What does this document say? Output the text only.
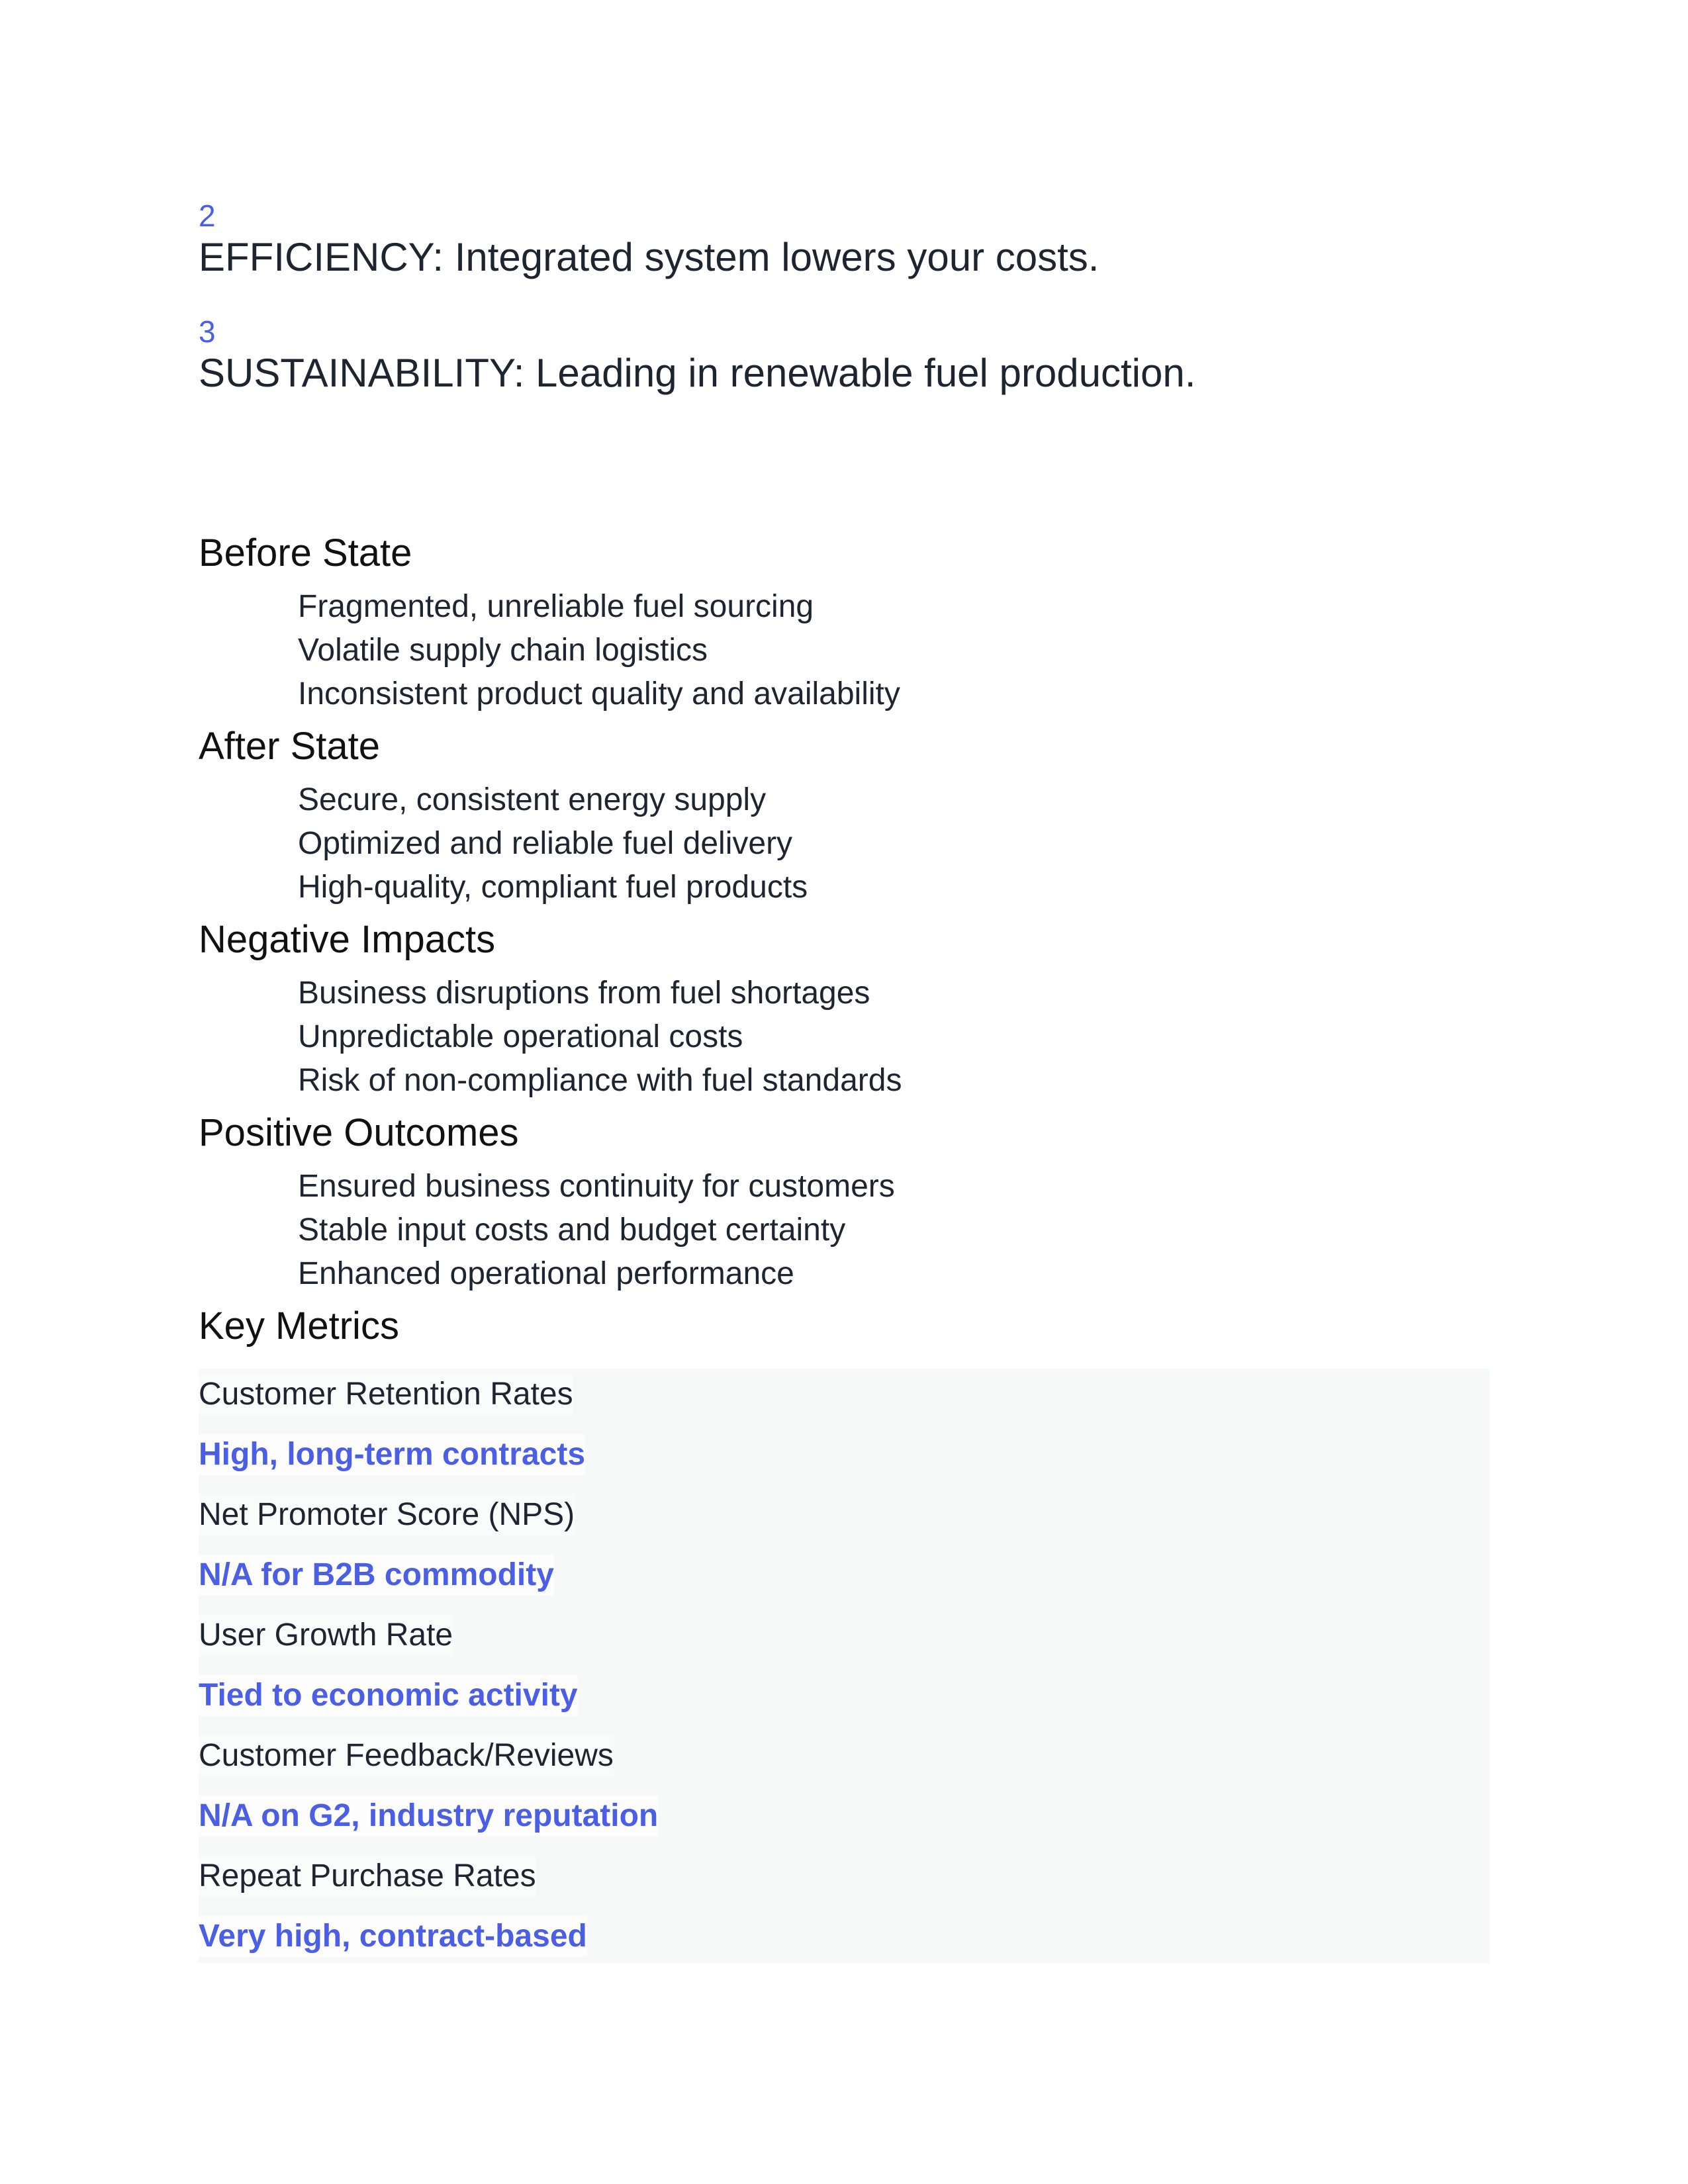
2
EFFICIENCY: Integrated system lowers your costs.
3
SUSTAINABILITY: Leading in renewable fuel production.
Before State
Fragmented, unreliable fuel sourcing
Volatile supply chain logistics
Inconsistent product quality and availability
After State
Secure, consistent energy supply
Optimized and reliable fuel delivery
High-quality, compliant fuel products
Negative Impacts
Business disruptions from fuel shortages
Unpredictable operational costs
Risk of non-compliance with fuel standards
Positive Outcomes
Ensured business continuity for customers
Stable input costs and budget certainty
Enhanced operational performance
Key Metrics
Customer Retention Rates
High, long-term contracts
Net Promoter Score (NPS)
N/A for B2B commodity
User Growth Rate
Tied to economic activity
Customer Feedback/Reviews
N/A on G2, industry reputation
Repeat Purchase Rates
Very high, contract-based
